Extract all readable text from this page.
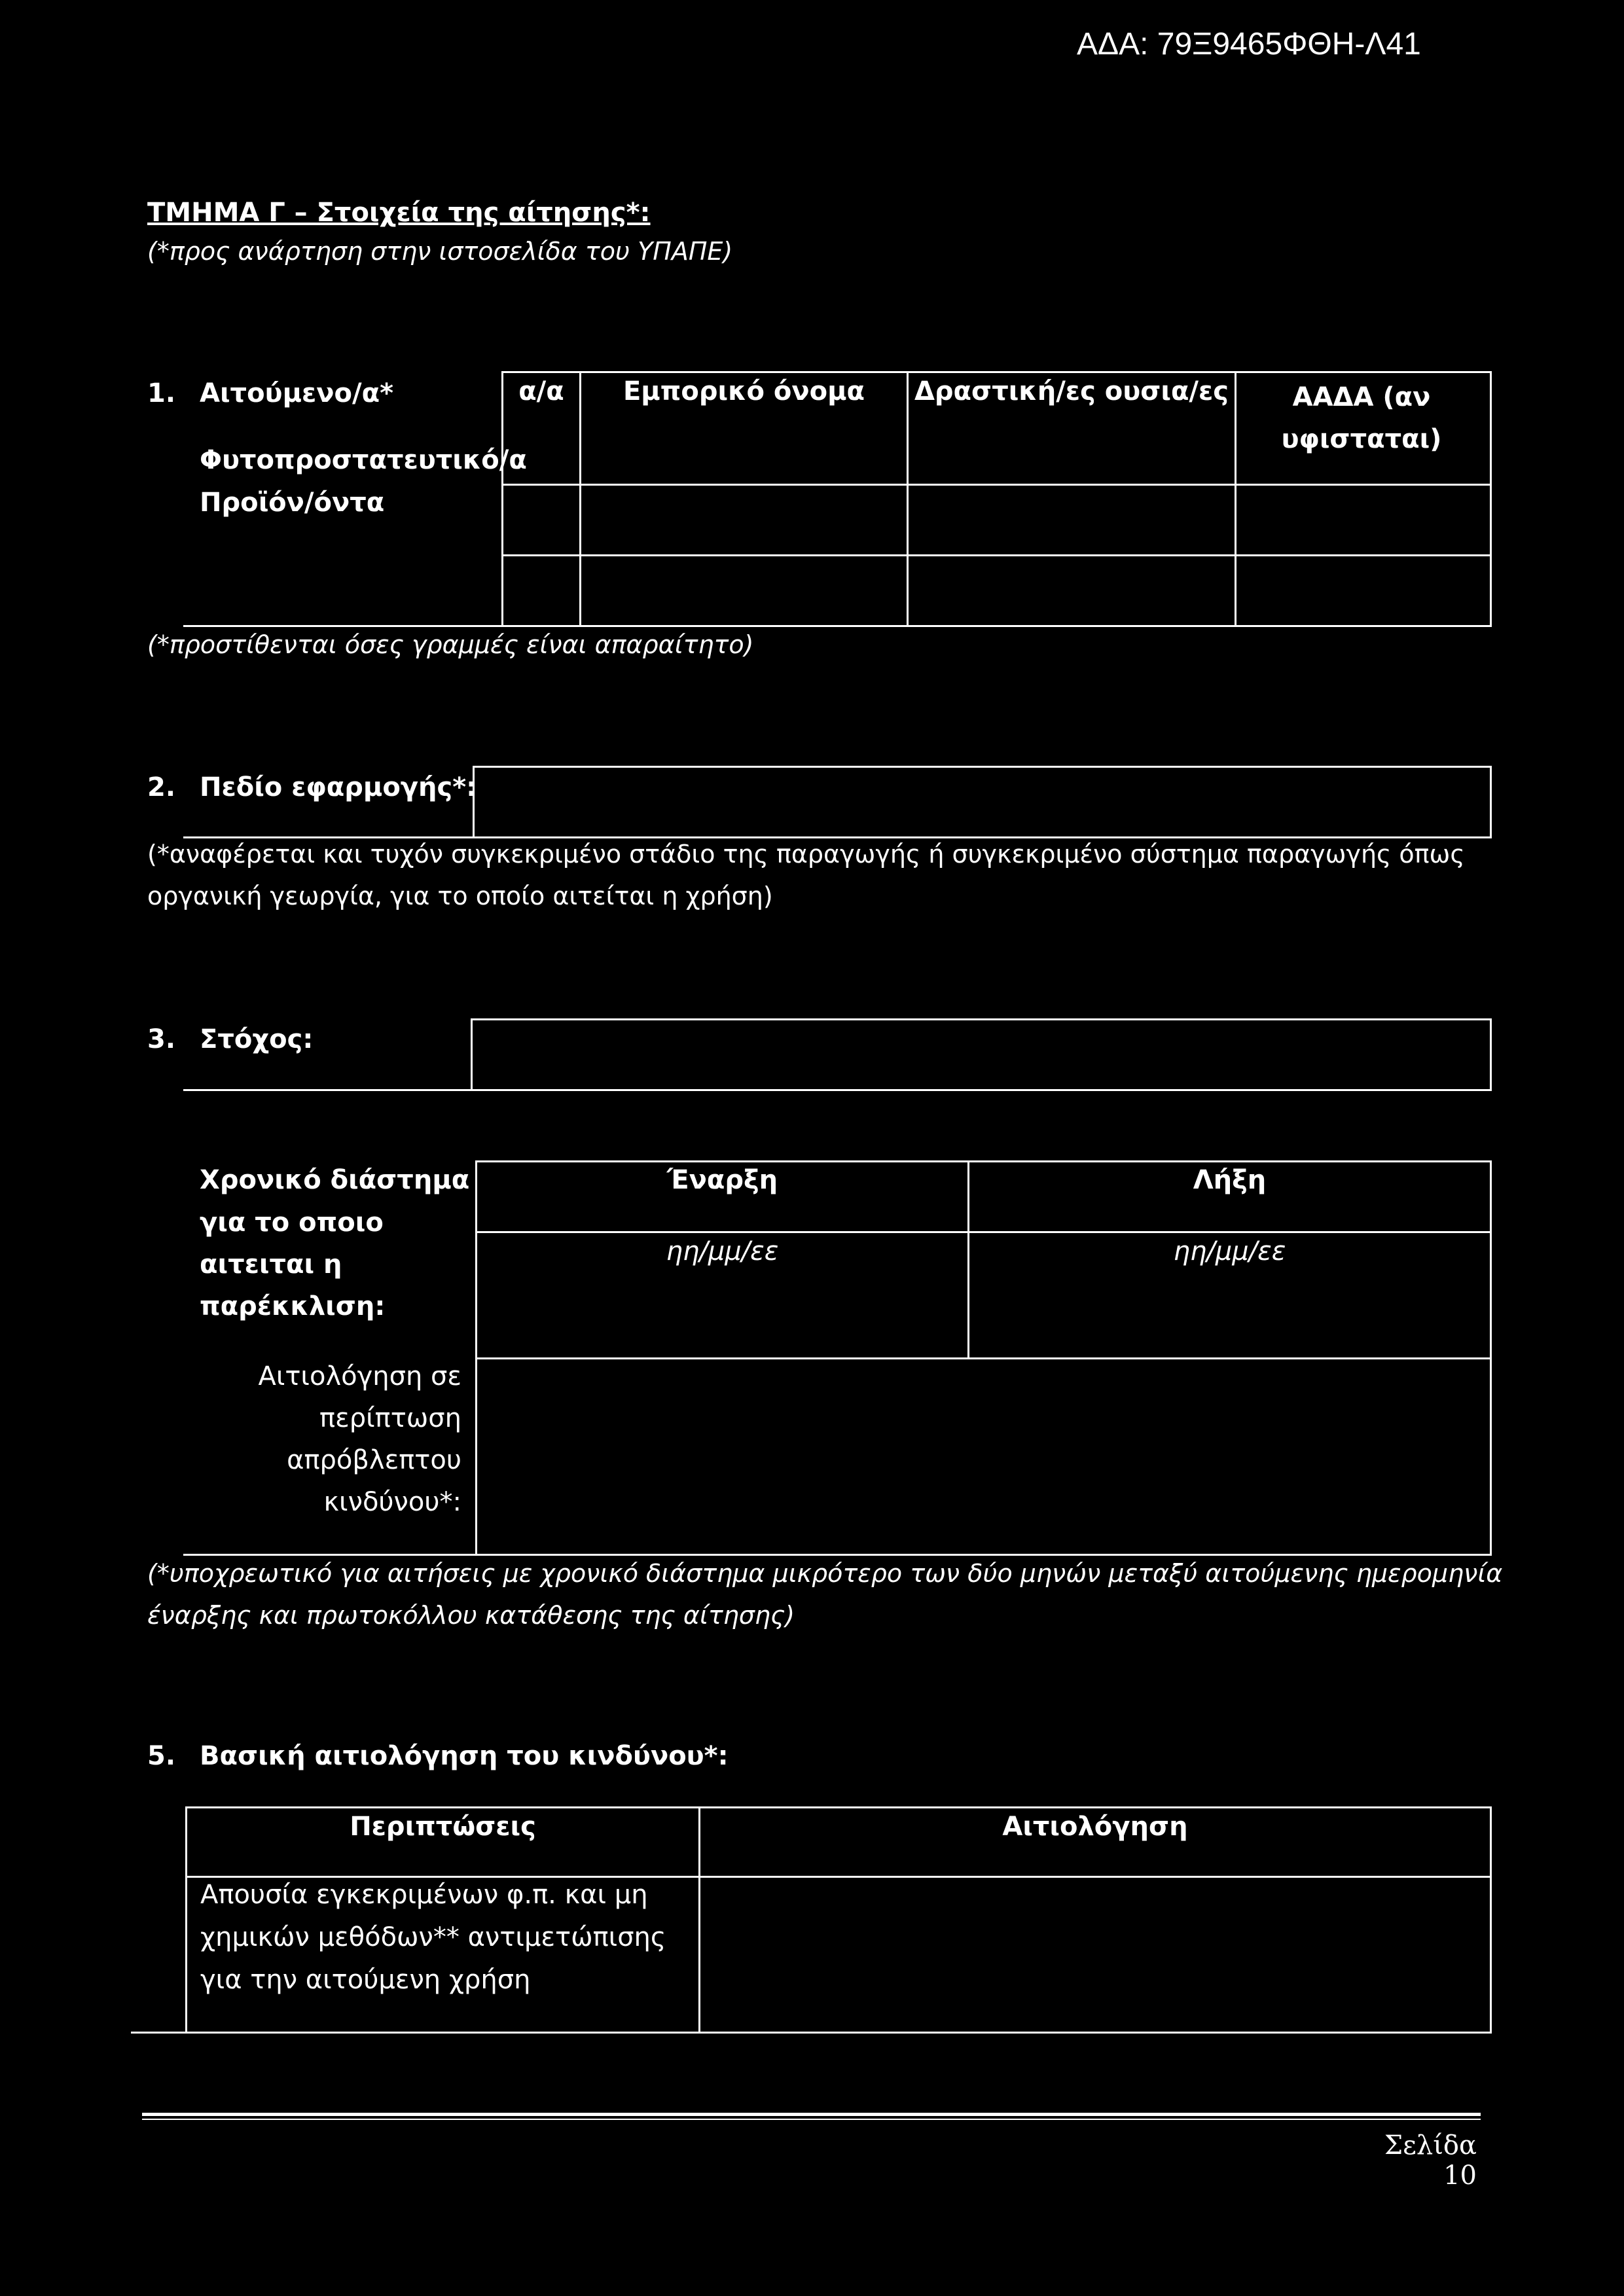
ΑΔΑ: 79Ξ9465ΦΘΗ-Λ41
ΤΜΗΜΑ Γ – Στοιχεία της αίτησης*:
(*προς ανάρτηση στην ιστοσελίδα του ΥΠΑΠΕ)
1. Αιτούμενο/α*
Φυτοπροστατευτικό/α
Προϊόν/όντα
α/α	Εμπορικό όνομα	Δραστική/ες ουσια/ες	ΑΑΔΑ (αν υφισταται)
(*προστίθενται όσες γραμμές είναι απαραίτητο)
2. Πεδίο εφαρμογής*:
(*αναφέρεται και τυχόν συγκεκριμένο στάδιο της παραγωγής ή συγκεκριμένο σύστημα παραγωγής όπως
οργανική γεωργία, για το οποίο αιτείται η χρήση)
3. Στόχος:
Χρονικό διάστημα
για το οποιο
αιτειται η
παρέκκλιση:
Έναρξη	Λήξη
ηη/μμ/εε	ηη/μμ/εε
Αιτιολόγηση σε
περίπτωση
απρόβλεπτου
κινδύνου*:
(*υποχρεωτικό για αιτήσεις με χρονικό διάστημα μικρότερο των δύο μηνών μεταξύ αιτούμενης ημερομηνία
έναρξης και πρωτοκόλλου κατάθεσης της αίτησης)
5. Βασική αιτιολόγηση του κινδύνου*:
Περιπτώσεις	Αιτιολόγηση
Απουσία εγκεκριμένων φ.π. και μη
χημικών μεθόδων** αντιμετώπισης
για την αιτούμενη χρήση
Σελίδα 10
